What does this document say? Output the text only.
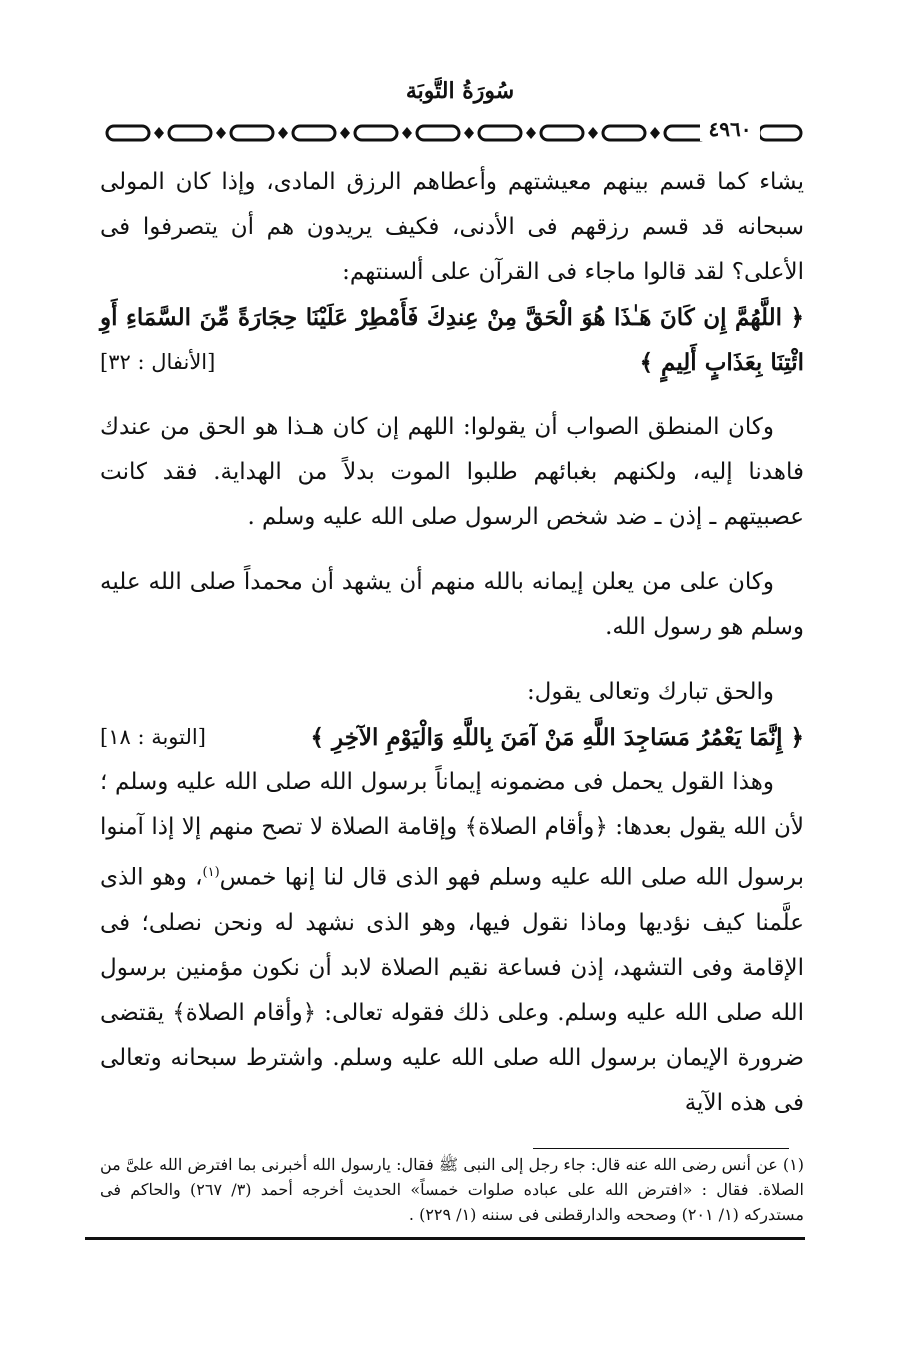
سُورَةُ التَّوبَة
٤٩٦٠

يشاء كما قسم بينهم معيشتهم وأعطاهم الرزق المادى، وإذا كان المولى سبحانه قد قسم رزقهم فى الأدنى، فكيف يريدون هم أن يتصرفوا فى الأعلى؟ لقد قالوا ماجاء فى القرآن على ألسنتهم:

﴿ اللَّهُمَّ إِن كَانَ هَـٰذَا هُوَ الْحَقَّ مِنْ عِندِكَ فَأَمْطِرْ عَلَيْنَا حِجَارَةً مِّنَ السَّمَاءِ أَوِ ائْتِنَا بِعَذَابٍ أَلِيمٍ ﴾
[الأنفال : ٣٢]

وكان المنطق الصواب أن يقولوا: اللهم إن كان هـذا هو الحق من عندك فاهدنا إليه، ولكنهم بغبائهم طلبوا الموت بدلاً من الهداية. فقد كانت عصبيتهم ـ إذن ـ ضد شخص الرسول صلى الله عليه وسلم .

وكان على من يعلن إيمانه بالله منهم أن يشهد أن محمداً صلى الله عليه وسلم هو رسول الله.

والحق تبارك وتعالى يقول:

﴿ إِنَّمَا يَعْمُرُ مَسَاجِدَ اللَّهِ مَنْ آمَنَ بِاللَّهِ وَالْيَوْمِ الآخِرِ ﴾
[التوبة : ١٨]

وهذا القول يحمل فى مضمونه إيماناً برسول الله صلى الله عليه وسلم ؛ لأن الله يقول بعدها: ﴿وأقام الصلاة﴾ وإقامة الصلاة لا تصح منهم إلا إذا آمنوا برسول الله صلى الله عليه وسلم فهو الذى قال لنا إنها خمس$^{(١)}$، وهو الذى علَّمنا كيف نؤديها وماذا نقول فيها، وهو الذى نشهد له ونحن نصلى؛ فى الإقامة وفى التشهد، إذن فساعة نقيم الصلاة لابد أن نكون مؤمنين برسول الله صلى الله عليه وسلم. وعلى ذلك فقوله تعالى: ﴿وأقام الصلاة﴾ يقتضى ضرورة الإيمان برسول الله صلى الله عليه وسلم. واشترط سبحانه وتعالى فى هذه الآية

(١) عن أنس رضى الله عنه قال: جاء رجل إلى النبى ﷺ فقال: يارسول الله أخبرنى بما افترض الله علىَّ من الصلاة. فقال : «افترض الله على عباده صلوات خمساً» الحديث أخرجه أحمد (٣/ ٢٦٧) والحاكم فى مستدركه (١/ ٢٠١) وصححه والدارقطنى فى سننه (١/ ٢٢٩) .
